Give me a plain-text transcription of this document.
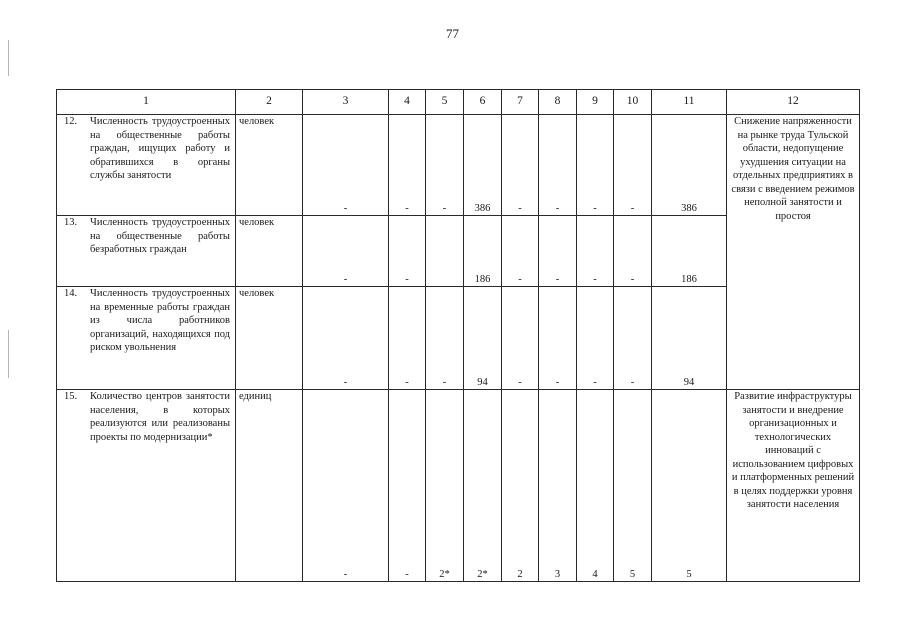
77
1	2	3	4	5	6	7	8	9	10	11	12

12. Численность трудоустроенных на общественные работы граждан, ищущих работу и обратившихся в органы службы занятости	человек	-	-	-	386	-	-	-	-	386	Снижение напряженности на рынке труда Тульской области, недопущение ухудшения ситуации на отдельных предприятиях в связи с введением режимов неполной занятости и простоя

13. Численность трудоустроенных на общественные работы безработных граждан	человек	-	-		186	-	-	-	-	186	

14. Численность трудоустроенных на временные работы граждан из числа работников организаций, находящихся под риском увольнения	человек	-	-	-	94	-	-	-	-	94	

15. Количество центров занятости населения, в которых реализуются или реализованы проекты по модернизации*	единиц	-	-	2*	2*	2	3	4	5	5	Развитие инфраструктуры занятости и внедрение организационных и технологических инноваций с использованием цифровых и платформенных решений в целях поддержки уровня занятости населения
